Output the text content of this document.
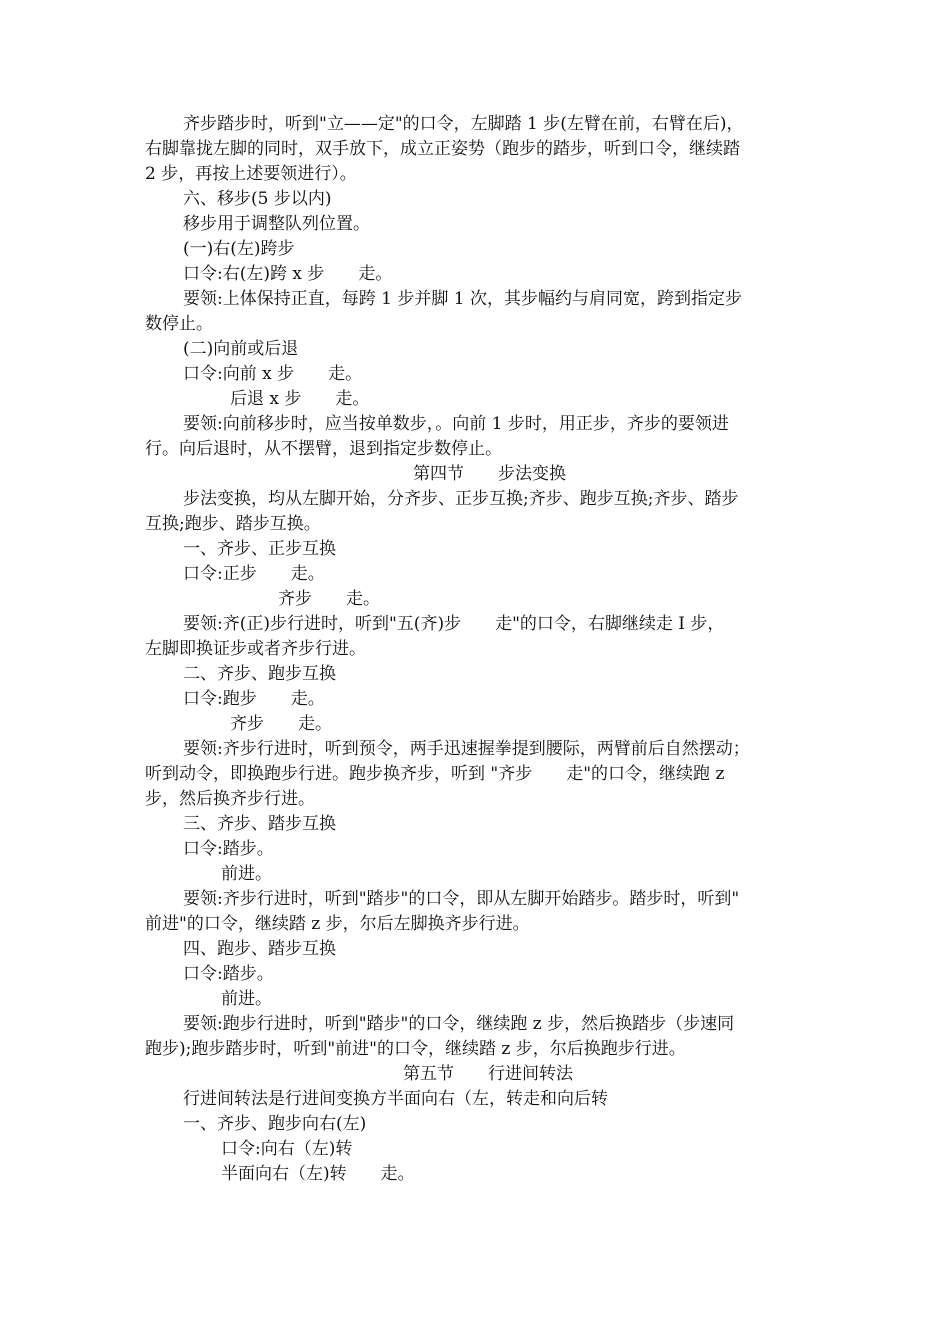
齐步踏步时，听到"立——定"的口令，左脚踏 1 步(左臂在前，右臂在后)，
右脚靠拢左脚的同时，双手放下，成立正姿势（跑步的踏步，听到口令，继续踏
2 步，再按上述要领进行）。
六、移步(5 步以内)
移步用于调整队列位置。
(一)右(左)跨步
口令:右(左)跨 x 步　　走。
要领:上体保持正直，每跨 1 步并脚 1 次，其步幅约与肩同宽，跨到指定步
数停止。
(二)向前或后退
口令:向前 x 步　　走。
后退 x 步　　走。
要领:向前移步时，应当按单数步，。向前 1 步时，用正步，齐步的要领进
行。向后退时，从不摆臂，退到指定步数停止。
第四节　　步法变换
步法变换，均从左脚开始，分齐步、正步互换;齐步、跑步互换;齐步、踏步
互换;跑步、踏步互换。
一、齐步、正步互换
口令:正步　　走。
齐步　　走。
要领:齐(正)步行进时，听到"五(齐)步　　走"的口令，右脚继续走 I 步，
左脚即换证步或者齐步行进。
二、齐步、跑步互换
口令:跑步　　走。
齐步　　走。
要领:齐步行进时，听到预令，两手迅速握拳提到腰际，两臂前后自然摆动；
听到动令，即换跑步行进。跑步换齐步，听到 "齐步　　走"的口令，继续跑 z
步，然后换齐步行进。
三、齐步、踏步互换
口令:踏步。
前进。
要领:齐步行进时，听到"踏步"的口令，即从左脚开始踏步。踏步时，听到"
前进"的口令，继续踏 z 步，尔后左脚换齐步行进。
四、跑步、踏步互换
口令:踏步。
前进。
要领:跑步行进时，听到"踏步"的口令，继续跑 z 步，然后换踏步（步速同
跑步);跑步踏步时，听到"前进"的口令，继续踏 z 步，尔后换跑步行进。
第五节　　行进间转法
行进间转法是行进间变换方半面向右（左，转走和向后转
一、齐步、跑步向右(左)
口令:向右（左)转
半面向右（左)转　　走。
